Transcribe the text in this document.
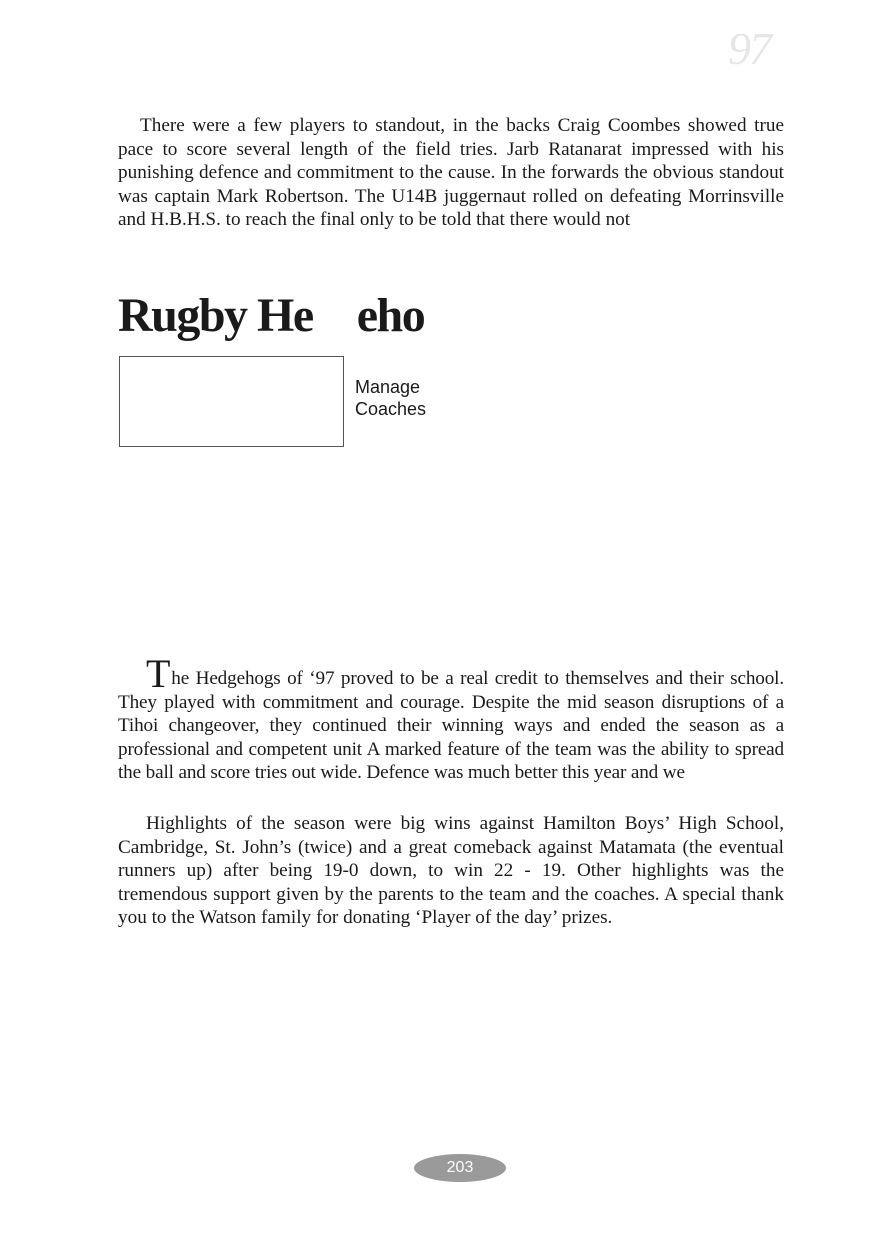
97

There were a few players to standout, in the backs Craig Coombes showed true pace to score several length of the field tries. Jarb Ratanarat impressed with his punishing defence and commitment to the cause. In the forwards the obvious standout was captain Mark Robertson. The U14B juggernaut rolled on defeating Morrinsville and H.B.H.S. to reach the final only to be told that there would not

Rugby He eho
Manage
Coaches

The Hedgehogs of ‘97 proved to be a real credit to themselves and their school. They played with commitment and courage. Despite the mid season disruptions of a Tihoi changeover, they continued their winning ways and ended the season as a professional and competent unit A marked feature of the team was the ability to spread the ball and score tries out wide. Defence was much better this year and we

Highlights of the season were big wins against Hamilton Boys’ High School, Cambridge, St. John’s (twice) and a great comeback against Matamata (the eventual runners up) after being 19-0 down, to win 22 - 19. Other highlights was the tremendous support given by the parents to the team and the coaches. A special thank you to the Watson family for donating ‘Player of the day’ prizes.

203
